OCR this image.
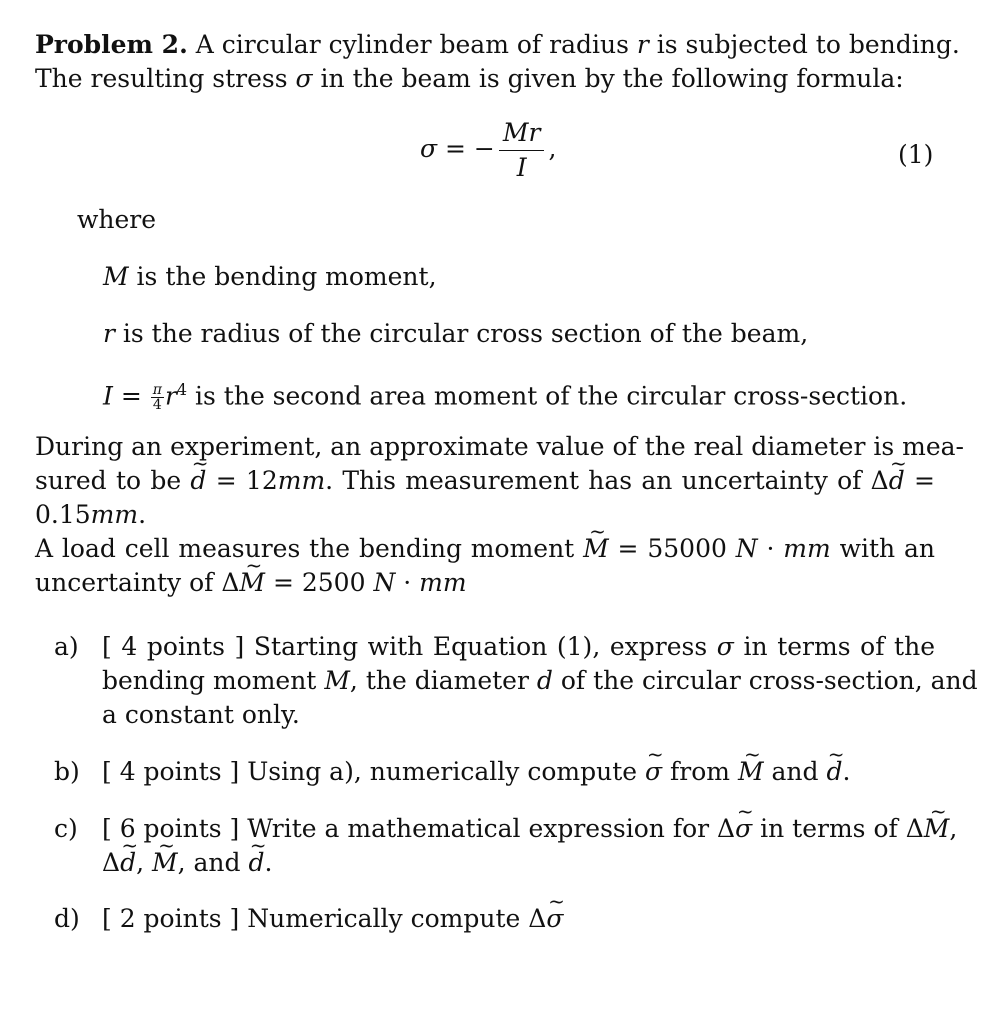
Problem 2. A circular cylinder beam of radius r is subjected to bending.
The resulting stress σ in the beam is given by the following formula:
σ = − $\frac{Mr}{I}$ ,	(1)
where
M is the bending moment,
r is the radius of the circular cross section of the beam,
$I = \frac{\pi}{4} r^4$ is the second area moment of the circular cross-section.
During an experiment, an approximate value of the real diameter is mea-
sured to be d ~ = 12mm. This measurement has an uncertainty of Δd ~ =
0.15mm.
A load cell measures the bending moment M ~ = 55000 N · mm with an
uncertainty of ΔM ~ = 2500 N · mm
a) [ 4 points ] Starting with Equation (1), express σ in terms of the
bending moment M, the diameter d of the circular cross-section, and
a constant only.
b) [ 4 points ] Using a), numerically compute σ ~ from M ~ and d ~.
c) [ 6 points ] Write a mathematical expression for Δσ ~ in terms of ΔM ~,
Δd ~, M ~, and d ~.
d) [ 2 points ] Numerically compute Δσ ~
